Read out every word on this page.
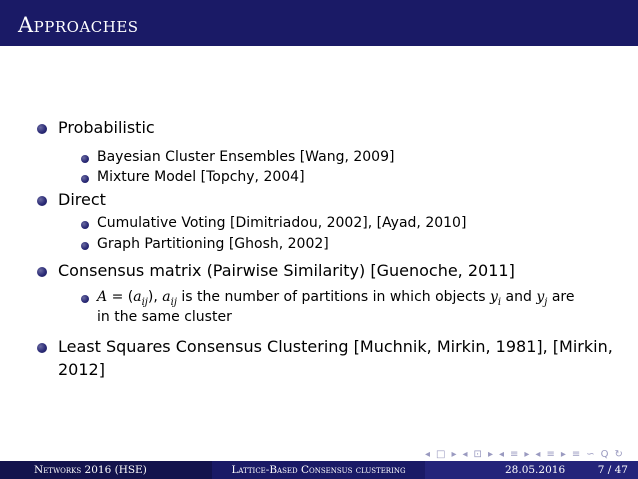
Approaches
Probabilistic
Bayesian Cluster Ensembles [Wang, 2009]
Mixture Model [Topchy, 2004]
Direct
Cumulative Voting [Dimitriadou, 2002], [Ayad, 2010]
Graph Partitioning [Ghosh, 2002]
Consensus matrix (Pairwise Similarity) [Guenoche, 2011]
$A = (a_{ij})$, $a_{ij}$ is the number of partitions in which objects $y_i$ and $y_j$ are
in the same cluster
Least Squares Consensus Clustering [Muchnik, Mirkin, 1981], [Mirkin,
2012]
◂ □ ▸ ◂ ⊡ ▸ ◂ ≡ ▸ ◂ ≡ ▸ ≡ ∽ Q ↻
Networks 2016 (HSE)	Lattice-Based Consensus clustering	28.05.2016	7 / 47
